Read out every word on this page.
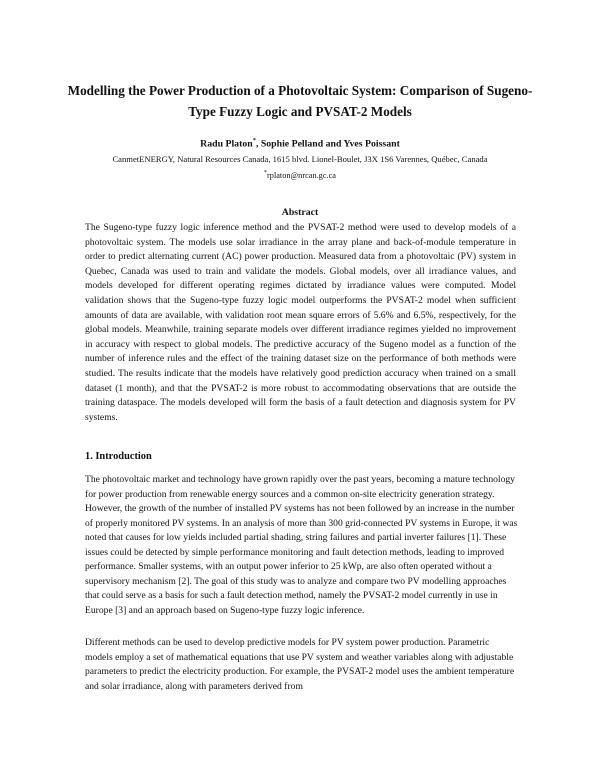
Modelling the Power Production of a Photovoltaic System: Comparison of Sugeno-Type Fuzzy Logic and PVSAT-2 Models
Radu Platon*, Sophie Pelland and Yves Poissant
CanmetENERGY, Natural Resources Canada, 1615 blvd. Lionel-Boulet, J3X 1S6 Varennes, Québec, Canada
*rplaton@nrcan.gc.ca
Abstract

The Sugeno-type fuzzy logic inference method and the PVSAT-2 method were used to develop models of a photovoltaic system. The models use solar irradiance in the array plane and back-of-module temperature in order to predict alternating current (AC) power production. Measured data from a photovoltaic (PV) system in Quebec, Canada was used to train and validate the models. Global models, over all irradiance values, and models developed for different operating regimes dictated by irradiance values were computed. Model validation shows that the Sugeno-type fuzzy logic model outperforms the PVSAT-2 model when sufficient amounts of data are available, with validation root mean square errors of 5.6% and 6.5%, respectively, for the global models. Meanwhile, training separate models over different irradiance regimes yielded no improvement in accuracy with respect to global models. The predictive accuracy of the Sugeno model as a function of the number of inference rules and the effect of the training dataset size on the performance of both methods were studied. The results indicate that the models have relatively good prediction accuracy when trained on a small dataset (1 month), and that the PVSAT-2 is more robust to accommodating observations that are outside the training dataspace. The models developed will form the basis of a fault detection and diagnosis system for PV systems.

1. Introduction

The photovoltaic market and technology have grown rapidly over the past years, becoming a mature technology for power production from renewable energy sources and a common on-site electricity generation strategy. However, the growth of the number of installed PV systems has not been followed by an increase in the number of properly monitored PV systems. In an analysis of more than 300 grid-connected PV systems in Europe, it was noted that causes for low yields included partial shading, string failures and partial inverter failures [1]. These issues could be detected by simple performance monitoring and fault detection methods, leading to improved performance. Smaller systems, with an output power inferior to 25 kWp, are also often operated without a supervisory mechanism [2]. The goal of this study was to analyze and compare two PV modelling approaches that could serve as a basis for such a fault detection method, namely the PVSAT-2 model currently in use in Europe [3] and an approach based on Sugeno-type fuzzy logic inference.

Different methods can be used to develop predictive models for PV system power production. Parametric models employ a set of mathematical equations that use PV system and weather variables along with adjustable parameters to predict the electricity production. For example, the PVSAT-2 model uses the ambient temperature and solar irradiance, along with parameters derived from
